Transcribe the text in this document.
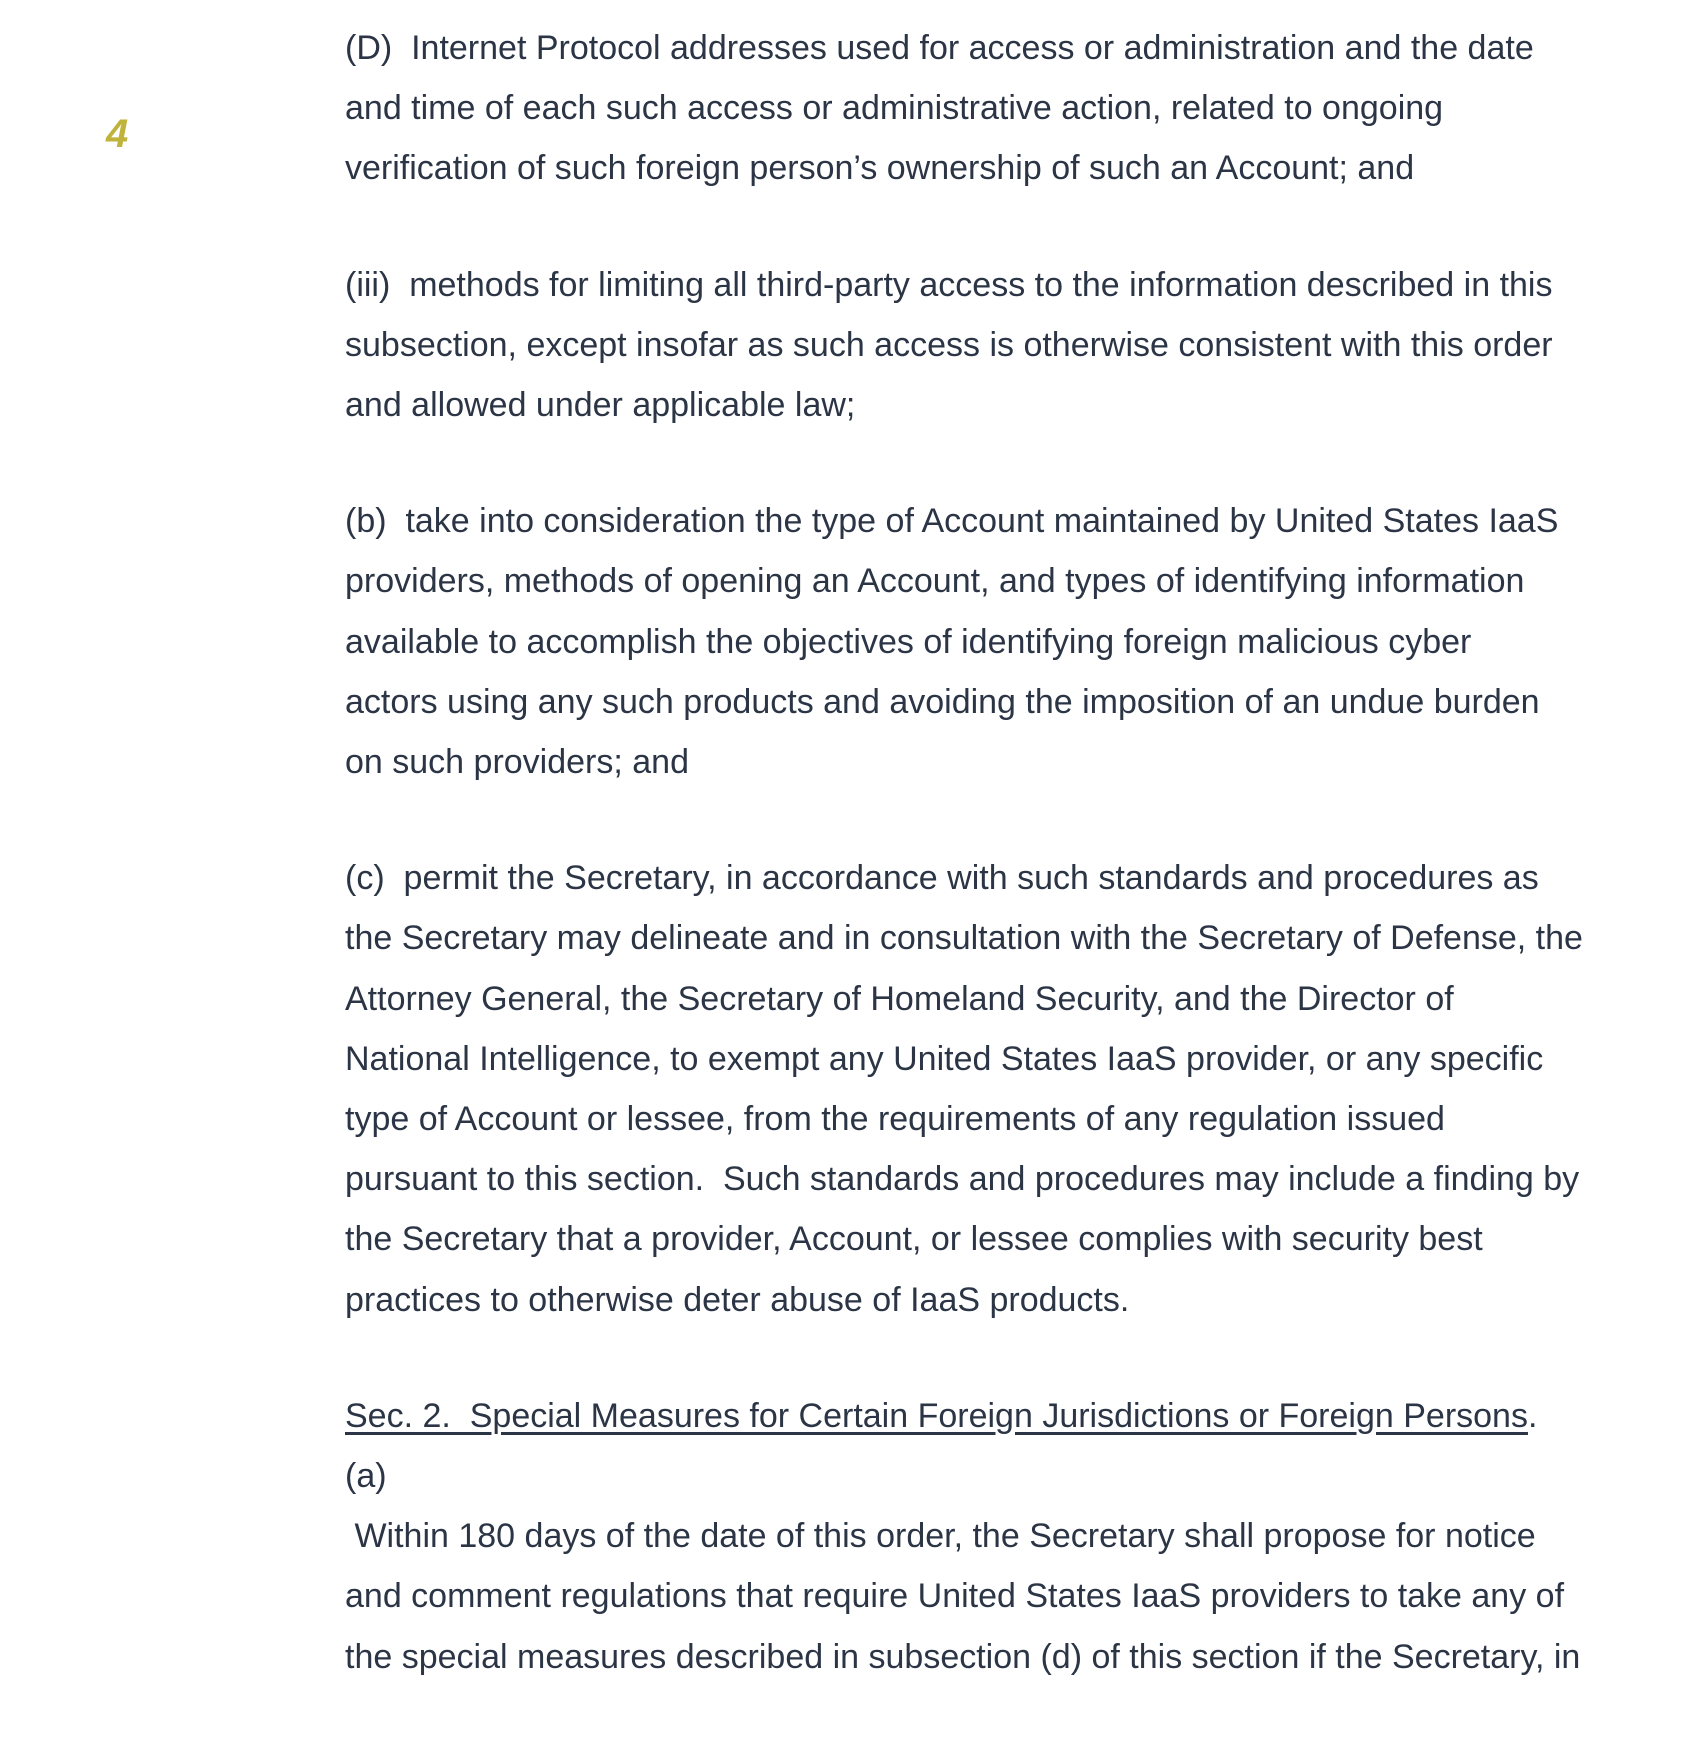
4

(D)  Internet Protocol addresses used for access or administration and the date
and time of each such access or administrative action, related to ongoing
verification of such foreign person’s ownership of such an Account; and

(iii)  methods for limiting all third-party access to the information described in this
subsection, except insofar as such access is otherwise consistent with this order
and allowed under applicable law;

(b)  take into consideration the type of Account maintained by United States IaaS
providers, methods of opening an Account, and types of identifying information
available to accomplish the objectives of identifying foreign malicious cyber
actors using any such products and avoiding the imposition of an undue burden
on such providers; and

(c)  permit the Secretary, in accordance with such standards and procedures as
the Secretary may delineate and in consultation with the Secretary of Defense, the
Attorney General, the Secretary of Homeland Security, and the Director of
National Intelligence, to exempt any United States IaaS provider, or any specific
type of Account or lessee, from the requirements of any regulation issued
pursuant to this section.  Such standards and procedures may include a finding by
the Secretary that a provider, Account, or lessee complies with security best
practices to otherwise deter abuse of IaaS products.

Sec. 2.  Special Measures for Certain Foreign Jurisdictions or Foreign Persons.  (a)
Within 180 days of the date of this order, the Secretary shall propose for notice
and comment regulations that require United States IaaS providers to take any of
the special measures described in subsection (d) of this section if the Secretary, in
